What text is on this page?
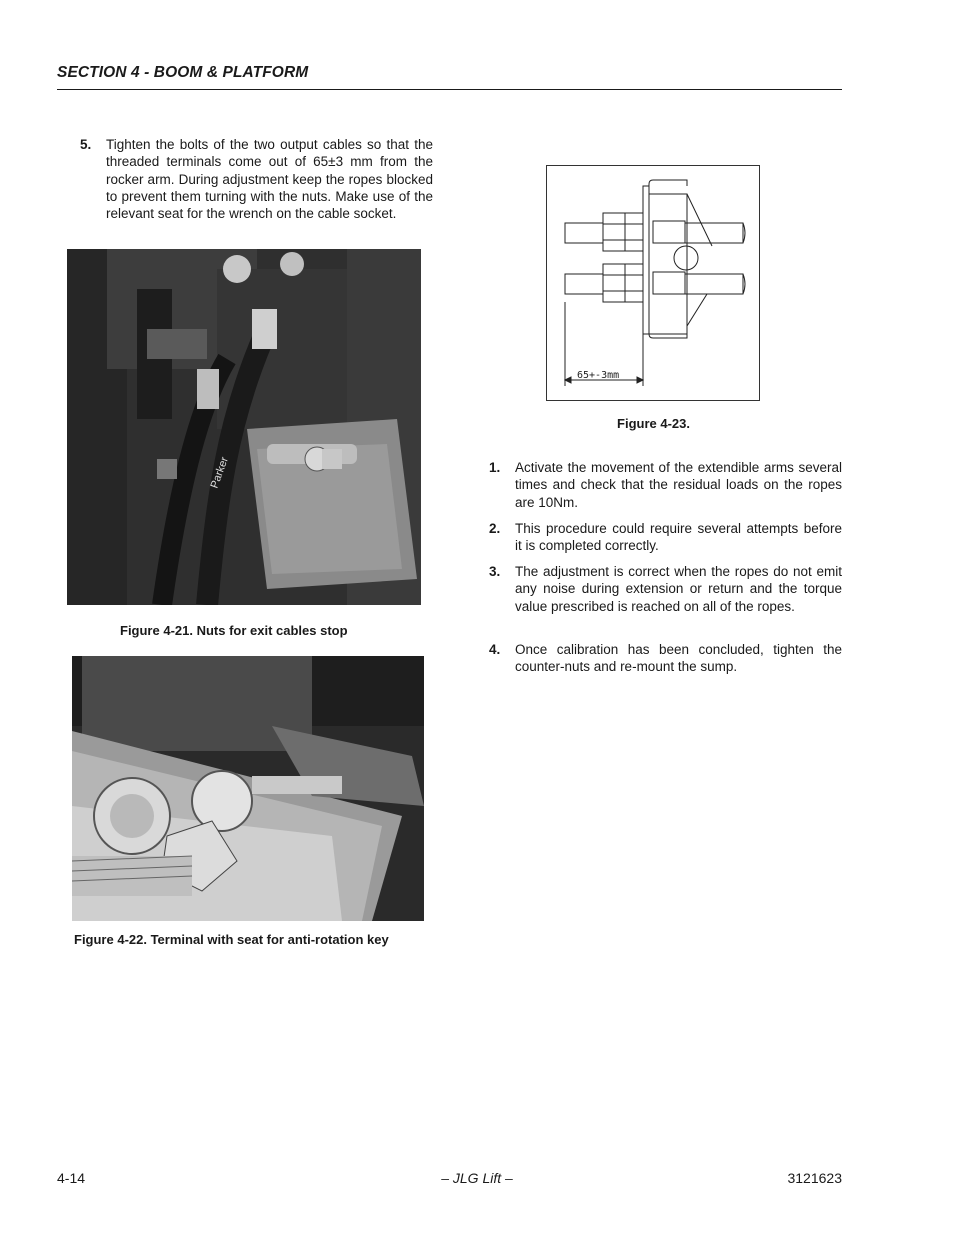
SECTION 4 - BOOM & PLATFORM
5. Tighten the bolts of the two output cables so that the threaded terminals come out of 65±3 mm from the rocker arm. During adjustment keep the ropes blocked to prevent them turning with the nuts. Make use of the relevant seat for the wrench on the cable socket.
Parker
Figure 4-21. Nuts for exit cables stop
Figure 4-22. Terminal with seat for anti-rotation key
65+-3mm
Figure 4-23.
1. Activate the movement of the extendible arms several times and check that the residual loads on the ropes are 10Nm.
2. This procedure could require several attempts before it is completed correctly.
3. The adjustment is correct when the ropes do not emit any noise during extension or return and the torque value prescribed is reached on all of the ropes.
4. Once calibration has been concluded, tighten the counter-nuts and re-mount the sump.
4-14	– JLG Lift –	3121623
